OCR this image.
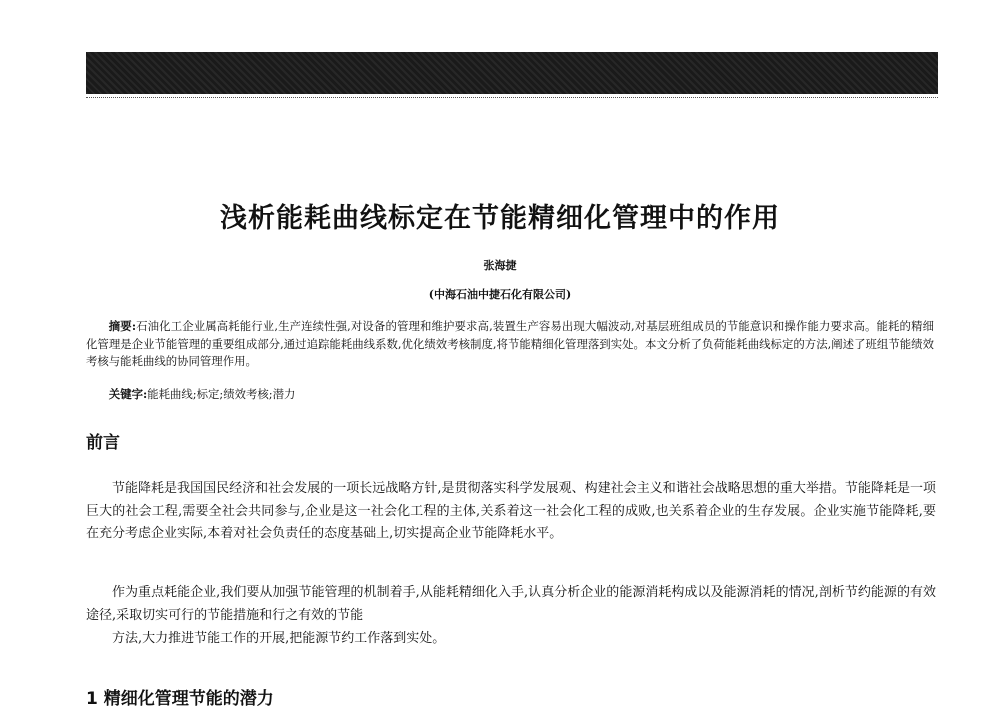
浅析能耗曲线标定在节能精细化管理中的作用
张海捷
(中海石油中捷石化有限公司)
摘要:石油化工企业属高耗能行业,生产连续性强,对设备的管理和维护要求高,装置生产容易出现大幅波动,对基层班组成员的节能意识和操作能力要求高。能耗的精细化管理是企业节能管理的重要组成部分,通过追踪能耗曲线系数,优化绩效考核制度,将节能精细化管理落到实处。本文分析了负荷能耗曲线标定的方法,阐述了班组节能绩效考核与能耗曲线的协同管理作用。
关键字:能耗曲线;标定;绩效考核;潜力
前言
节能降耗是我国国民经济和社会发展的一项长远战略方针,是贯彻落实科学发展观、构建社会主义和谐社会战略思想的重大举措。节能降耗是一项巨大的社会工程,需要全社会共同参与,企业是这一社会化工程的主体,关系着这一社会化工程的成败,也关系着企业的生存发展。企业实施节能降耗,要在充分考虑企业实际,本着对社会负责任的态度基础上,切实提高企业节能降耗水平。
作为重点耗能企业,我们要从加强节能管理的机制着手,从能耗精细化入手,认真分析企业的能源消耗构成以及能源消耗的情况,剖析节约能源的有效途径,采取切实可行的节能措施和行之有效的节能
方法,大力推进节能工作的开展,把能源节约工作落到实处。
1 精细化管理节能的潜力
